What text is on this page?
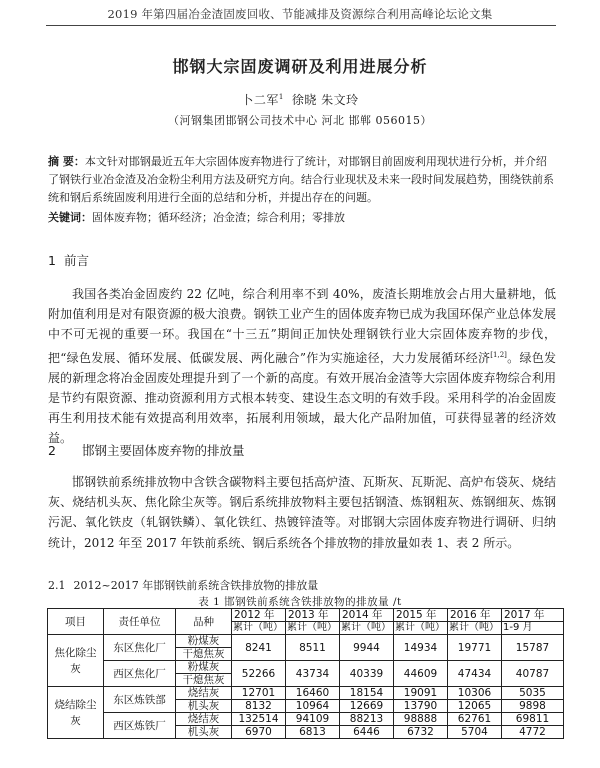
2019 年第四届冶金渣固废回收、节能减排及资源综合利用高峰论坛论文集
邯钢大宗固废调研及利用进展分析
卜二军$^1$ 徐晓 朱文玲
（河钢集团邯钢公司技术中心 河北 邯郸 056015）

摘 要：本文针对邯钢最近五年大宗固体废弃物进行了统计，对邯钢目前固废利用现状进行分析，并介绍了钢铁行业冶金渣及冶金粉尘利用方法及研究方向。结合行业现状及未来一段时间发展趋势，围绕铁前系统和钢后系统固废利用进行全面的总结和分析，并提出存在的问题。

关键词：固体废弃物；循环经济；冶金渣；综合利用；零排放

1 前言

我国各类冶金固废约 22 亿吨，综合利用率不到 40%，废渣长期堆放会占用大量耕地，低附加值利用是对有限资源的极大浪费。钢铁工业产生的固体废弃物已成为我国环保产业总体发展中不可无视的重要一环。我国在“十三五”期间正加快处理钢铁行业大宗固体废弃物的步伐，把“绿色发展、循环发展、低碳发展、两化融合”作为实施途径，大力发展循环经济[1,2]。绿色发展的新理念将冶金固废处理提升到了一个新的高度。有效开展冶金渣等大宗固体废弃物综合利用是节约有限资源、推动资源利用方式根本转变、建设生态文明的有效手段。采用科学的冶金固废再生利用技术能有效提高利用效率，拓展利用领域，最大化产品附加值，可获得显著的经济效益。

2 邯钢主要固体废弃物的排放量

邯钢铁前系统排放物中含铁含碳物料主要包括高炉渣、瓦斯灰、瓦斯泥、高炉布袋灰、烧结灰、烧结机头灰、焦化除尘灰等。钢后系统排放物料主要包括钢渣、炼钢粗灰、炼钢细灰、炼钢污泥、氧化铁皮（轧钢铁鳞）、氧化铁红、热镀锌渣等。对邯钢大宗固体废弃物进行调研、归纳统计，2012 年至 2017 年铁前系统、钢后系统各个排放物的排放量如表 1、表 2 所示。

2.1 2012~2017 年邯钢铁前系统含铁排放物的排放量
表 1 邯钢铁前系统含铁排放物的排放量 /t
项目	责任单位	品种	2012 年	2013 年	2014 年	2015 年	2016 年	2017 年
			累计（吨）	累计（吨）	累计（吨）	累计（吨）	累计（吨）	1-9 月
焦化除尘灰	东区焦化厂	粉煤灰	8241	8511	9944	14934	19771	15787
		干熄焦灰						
	西区焦化厂	粉煤灰	52266	43734	40339	44609	47434	40787
		干熄焦灰						
烧结除尘灰	东区炼铁部	烧结灰	12701	16460	18154	19091	10306	5035
		机头灰	8132	10964	12669	13790	12065	9898
	西区炼铁厂	烧结灰	132514	94109	88213	98888	62761	69811
		机头灰	6970	6813	6446	6732	5704	4772
